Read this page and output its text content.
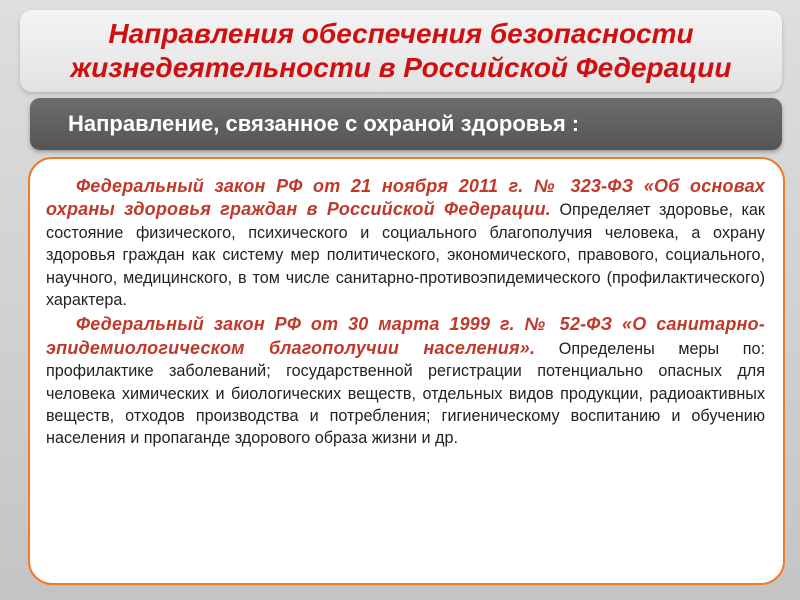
Направления обеспечения безопасности
жизнедеятельности в Российской Федерации
Направление, связанное с охраной здоровья :

Федеральный закон РФ от 21 ноября 2011 г. № 323-ФЗ «Об основах охраны здоровья граждан в Российской Федерации. Определяет здоровье, как состояние физического, психического и социального благополучия человека, а охрану здоровья граждан как систему мер политического, экономического, правового, социального, научного, медицинского, в том числе санитарно-противоэпидемического (профилактического) характера.

Федеральный закон РФ от 30 марта 1999 г. № 52-ФЗ «О санитарно-эпидемиологическом благополучии населения». Определены меры по: профилактике заболеваний; государственной регистрации потенциально опасных для человека химических и биологических веществ, отдельных видов продукции, радиоактивных веществ, отходов производства и потребления; гигиеническому воспитанию и обучению населения и пропаганде здорового образа жизни и др.
